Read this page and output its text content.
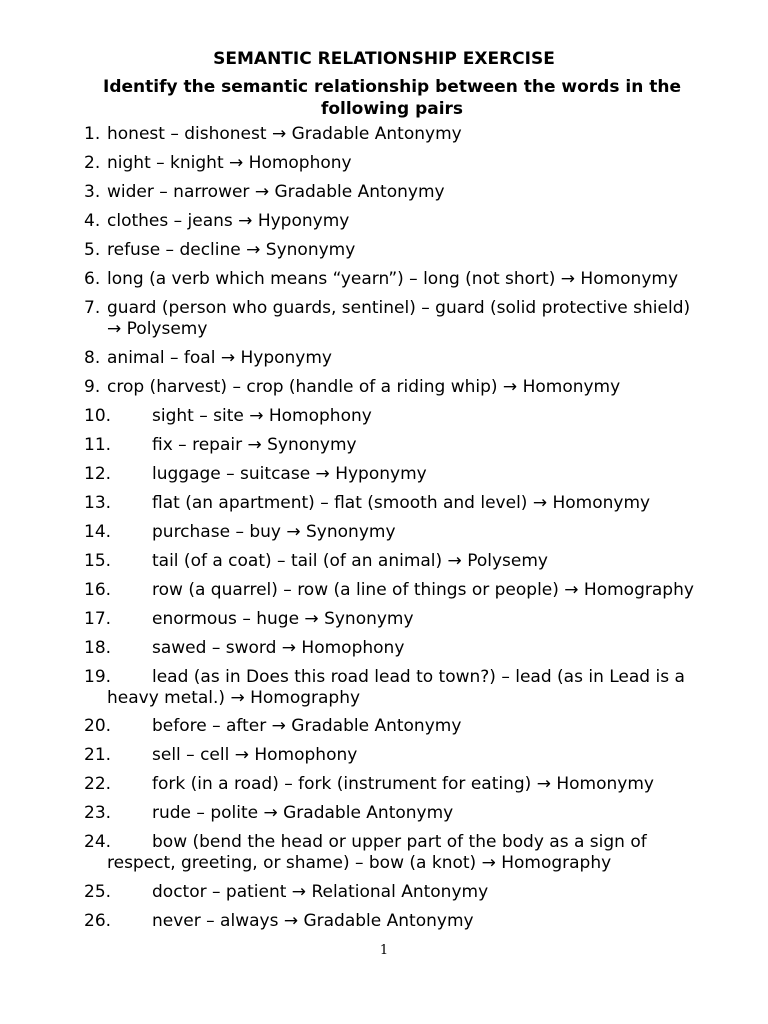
SEMANTIC RELATIONSHIP EXERCISE
Identify the semantic relationship between the words in the following pairs
1. honest – dishonest → Gradable Antonymy
2. night – knight → Homophony
3. wider – narrower → Gradable Antonymy
4. clothes – jeans → Hyponymy
5. refuse – decline → Synonymy
6. long (a verb which means “yearn”) – long (not short) → Homonymy
7. guard (person who guards, sentinel) – guard (solid protective shield)
→ Polysemy
8. animal – foal → Hyponymy
9. crop (harvest) – crop (handle of a riding whip) → Homonymy
10. sight – site → Homophony
11. fix – repair → Synonymy
12. luggage – suitcase → Hyponymy
13. flat (an apartment) – flat (smooth and level) → Homonymy
14. purchase – buy → Synonymy
15. tail (of a coat) – tail (of an animal) → Polysemy
16. row (a quarrel) – row (a line of things or people) → Homography
17. enormous – huge → Synonymy
18. sawed – sword → Homophony
19. lead (as in Does this road lead to town?) – lead (as in Lead is a
heavy metal.) → Homography
20. before – after → Gradable Antonymy
21. sell – cell → Homophony
22. fork (in a road) – fork (instrument for eating) → Homonymy
23. rude – polite → Gradable Antonymy
24. bow (bend the head or upper part of the body as a sign of
respect, greeting, or shame) – bow (a knot) → Homography
25. doctor – patient → Relational Antonymy
26. never – always → Gradable Antonymy
1
